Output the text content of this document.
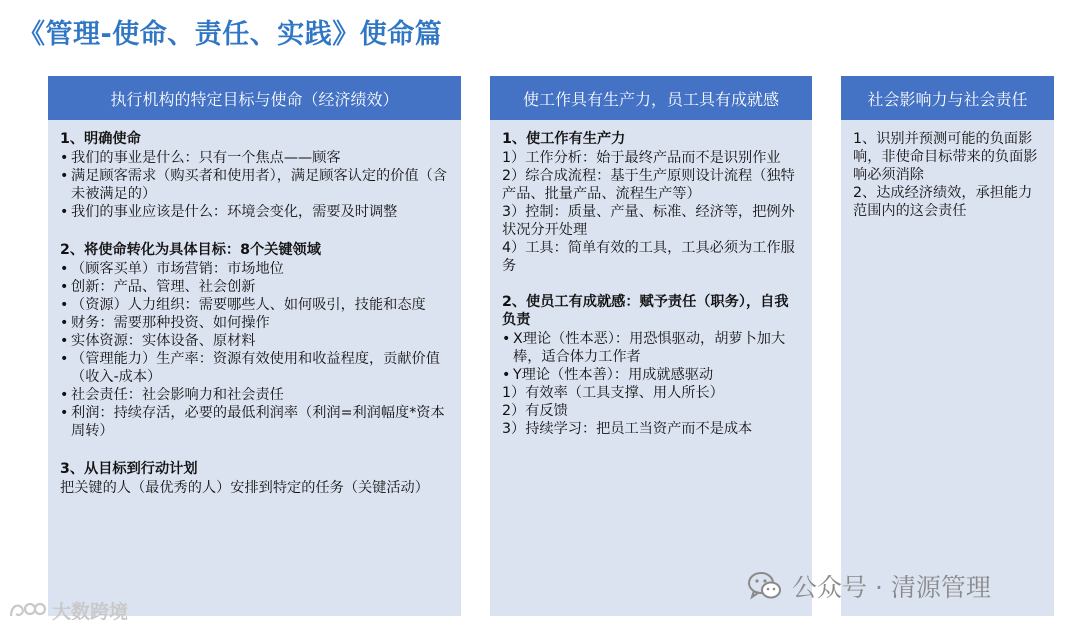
《管理-使命、责任、实践》使命篇
执行机构的特定目标与使命（经济绩效）
1、明确使命
• 我们的事业是什么：只有一个焦点——顾客
• 满足顾客需求（购买者和使用者），满足顾客认定的价值（含未被满足的）
• 我们的事业应该是什么：环境会变化，需要及时调整
2、将使命转化为具体目标：8个关键领域
• （顾客买单）市场营销：市场地位
• 创新：产品、管理、社会创新
• （资源）人力组织：需要哪些人、如何吸引，技能和态度
• 财务：需要那种投资、如何操作
• 实体资源：实体设备、原材料
• （管理能力）生产率：资源有效使用和收益程度，贡献价值（收入-成本）
• 社会责任：社会影响力和社会责任
• 利润：持续存活，必要的最低利润率（利润=利润幅度*资本周转）
3、从目标到行动计划
把关键的人（最优秀的人）安排到特定的任务（关键活动）
使工作具有生产力，员工具有成就感
1、使工作有生产力
1）工作分析：始于最终产品而不是识别作业
2）综合成流程：基于生产原则设计流程（独特产品、批量产品、流程生产等）
3）控制：质量、产量、标准、经济等，把例外状况分开处理
4）工具：简单有效的工具，工具必须为工作服务
2、使员工有成就感：赋予责任（职务），自我负责
• X理论（性本恶）：用恐惧驱动，胡萝卜加大棒，适合体力工作者
• Y理论（性本善）：用成就感驱动
1）有效率（工具支撑、用人所长）
2）有反馈
3）持续学习：把员工当资产而不是成本
社会影响力与社会责任
1、识别并预测可能的负面影响，非使命目标带来的负面影响必须消除
2、达成经济绩效，承担能力范围内的这会责任
公众号 · 清源管理
大数跨境
